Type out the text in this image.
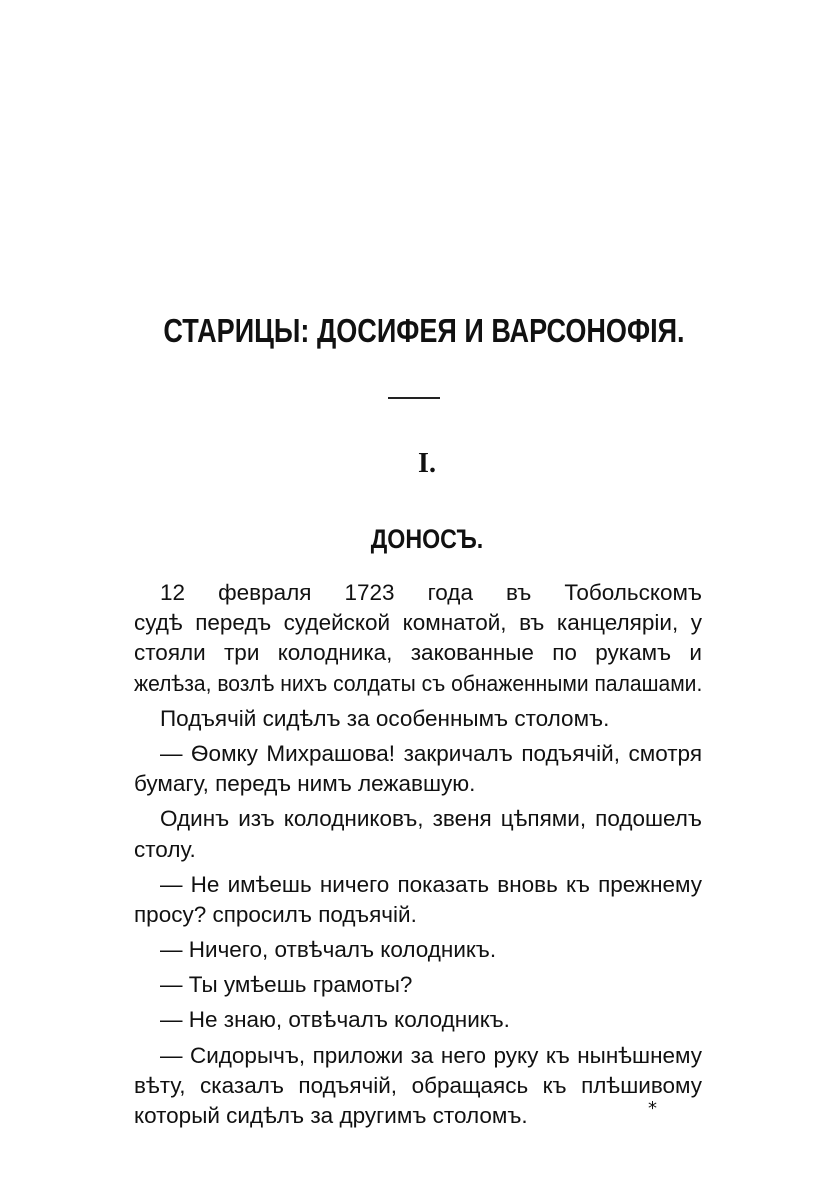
СТАРИЦЫ: ДОСИФЕЯ И ВАРСОНОФІЯ.
I.
ДОНОСЪ.
12 февраля 1723 года въ Тобольскомъ
судѣ передъ судейской комнатой, въ канцеляріи, у
стояли три колодника, закованные по рукамъ и
желѣза, возлѣ нихъ солдаты съ обнаженными палашами.
Подъячій сидѣлъ за особеннымъ столомъ.
— Ѳомку Михрашова! закричалъ подъячій, смотря
бумагу, передъ нимъ лежавшую.
Одинъ изъ колодниковъ, звеня цѣпями, подошелъ
столу.
— Не имѣешь ничего показать вновь къ прежнему
просу? спросилъ подъячій.
— Ничего, отвѣчалъ колодникъ.
— Ты умѣешь грамоты?
— Не знаю, отвѣчалъ колодникъ.
— Сидорычъ, приложи за него руку къ нынѣшнему
вѣту, сказалъ подъячій, обращаясь къ плѣшивому
который сидѣлъ за другимъ столомъ.	*
